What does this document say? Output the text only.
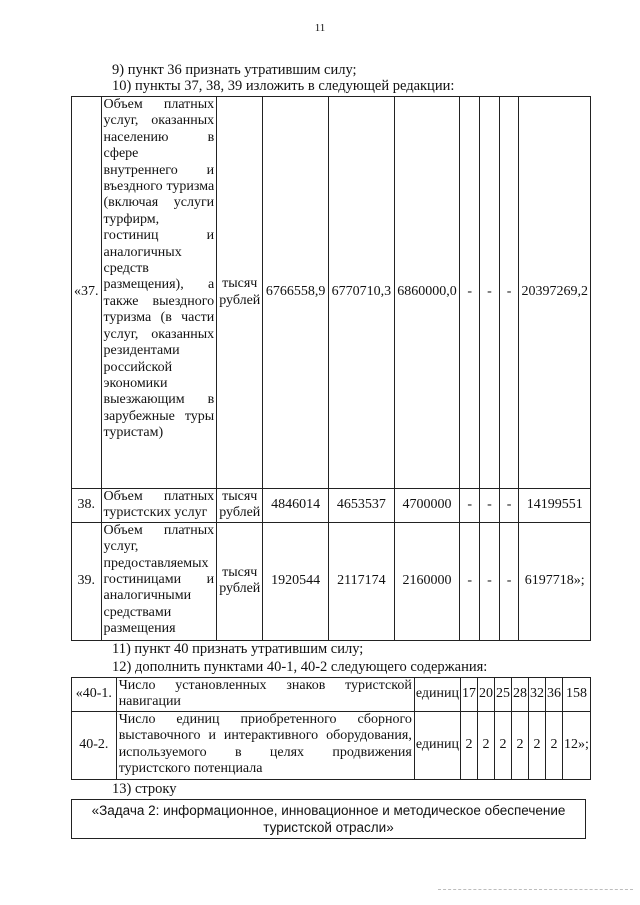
11
9) пункт 36 признать утратившим силу;
10) пункты 37, 38, 39 изложить в следующей редакции:
«37.	Объем платных услуг, оказанных населению в сфере внутреннего и въездного туризма (включая услуги турфирм, гостиниц и аналогичных средств размещения), а также выездного туризма (в части услуг, оказанных резидентами российской экономики выезжающим в зарубежные туры туристам)	тысяч рублей	6766558,9	6770710,3	6860000,0	-	-	-	20397269,2
38.	Объем платных туристских услуг	тысяч рублей	4846014	4653537	4700000	-	-	-	14199551
39.	Объем платных услуг, предоставляемых гостиницами и аналогичными средствами размещения	тысяч рублей	1920544	2117174	2160000	-	-	-	6197718»;
11) пункт 40 признать утратившим силу;
12) дополнить пунктами 40-1, 40-2 следующего содержания:
«40-1.	Число установленных знаков туристской навигации	единиц	17	20	25	28	32	36	158
40-2.	Число единиц приобретенного сборного выставочного и интерактивного оборудования, используемого в целях продвижения туристского потенциала	единиц	2	2	2	2	2	2	12»;
13) строку
«Задача 2: информационное, инновационное и методическое обеспечение
туристской отрасли»
